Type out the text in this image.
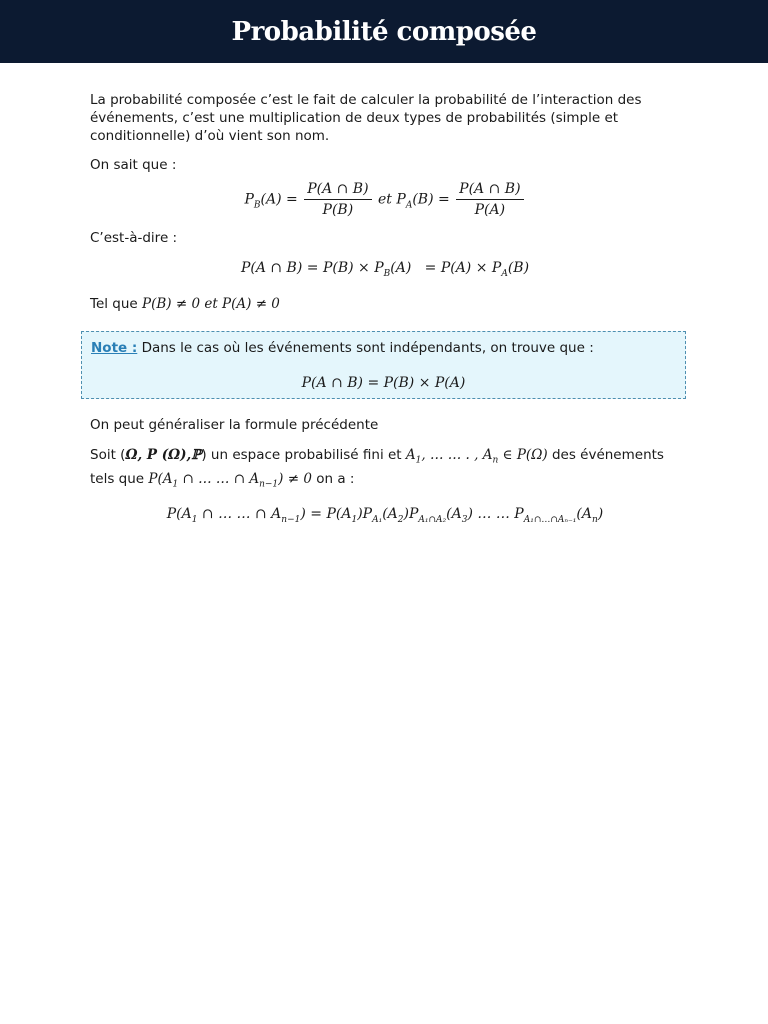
Probabilité composée

La probabilité composée c’est le fait de calculer la probabilité de l’interaction des événements, c’est une multiplication de deux types de probabilités (simple et conditionnelle) d’où vient son nom.

On sait que :

$P_B(A) = \frac{P(A \cap B)}{P(B)}$ et $P_A(B) = \frac{P(A \cap B)}{P(A)}$

C’est-à-dire :

P(A ∩ $B) = P(B) \times P_B(A) = P(A) \times P_A(B)$

Tel que P(B) ≠ 0 et P(A) ≠ 0

Note : Dans le cas où les événements sont indépendants, on trouve que :
P(A ∩ B) = P(B) × P(A)

On peut généraliser la formule précédente

Soit (Ω, P (Ω),ℙ) un espace probabilisé fini et $A_1$, … … . , $A_n$ ∈ P(Ω) des événements tels que $P(A_1$ ∩ … … ∩ $A_{n-1}) \ne 0$ on a :

$P(A_1$ ∩ … … ∩ $A_{n-1}) = P(A_1)P_{A_1}(A_2)P_{A_1\cap A_2}(A_3)$ … … $P_{A_1\cap\dots\cap A_{n-1}}(A_n)$
